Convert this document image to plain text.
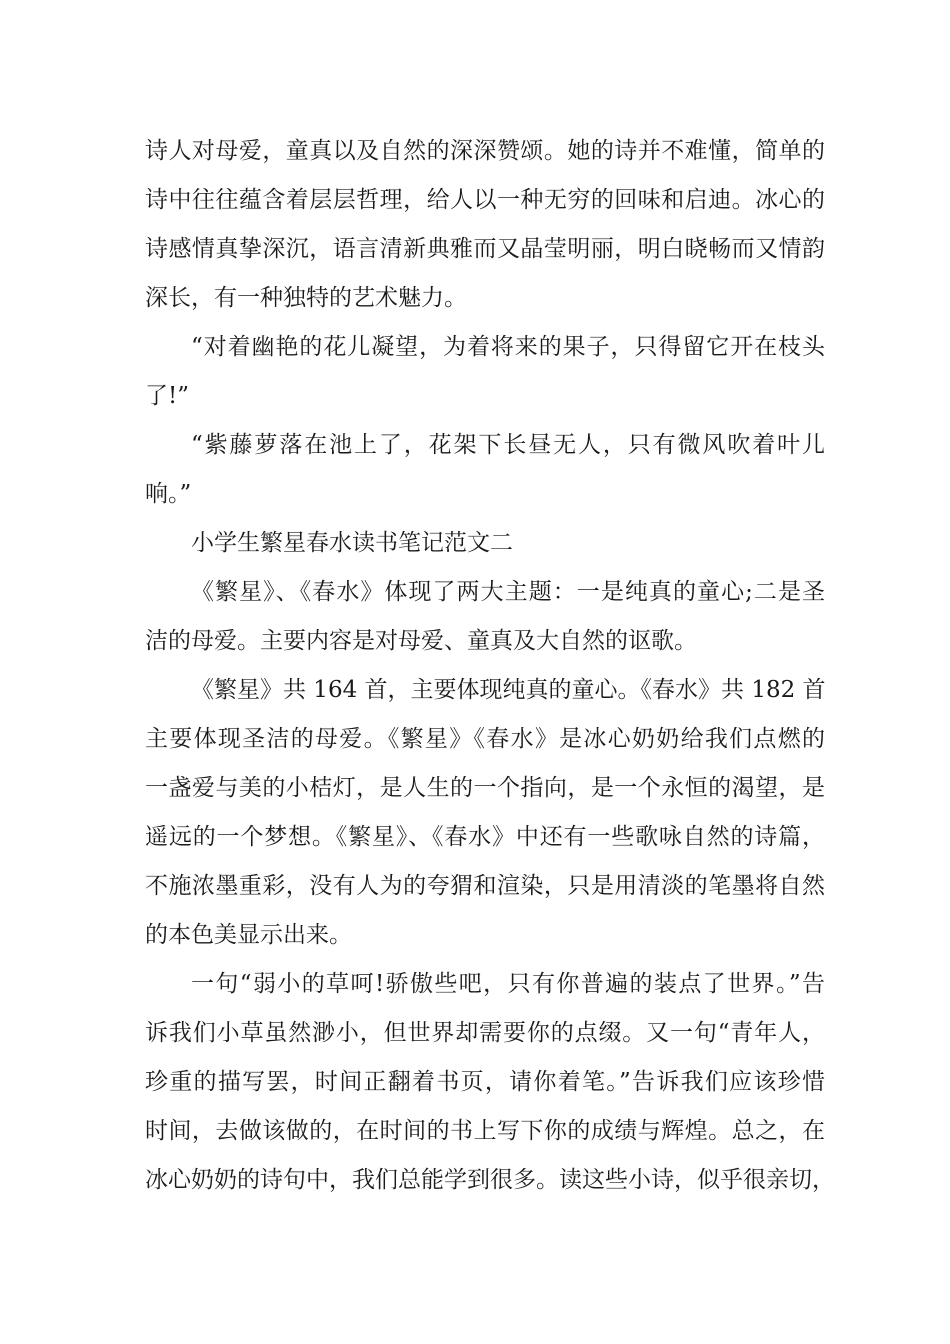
诗人对母爱，童真以及自然的深深赞颂。她的诗并不难懂，简单的
诗中往往蕴含着层层哲理，给人以一种无穷的回味和启迪。冰心的
诗感情真挚深沉，语言清新典雅而又晶莹明丽，明白晓畅而又情韵
深长，有一种独特的艺术魅力。
“对着幽艳的花儿凝望，为着将来的果子，只得留它开在枝头
了!”
“紫藤萝落在池上了，花架下长昼无人，只有微风吹着叶儿
响。”
小学生繁星春水读书笔记范文二
《繁星》、《春水》体现了两大主题：一是纯真的童心;二是圣
洁的母爱。主要内容是对母爱、童真及大自然的讴歌。
《繁星》共 164 首，主要体现纯真的童心。《春水》共 182 首
主要体现圣洁的母爱。《繁星》《春水》是冰心奶奶给我们点燃的
一盏爱与美的小桔灯，是人生的一个指向，是一个永恒的渴望，是
遥远的一个梦想。《繁星》、《春水》中还有一些歌咏自然的诗篇，
不施浓墨重彩，没有人为的夸猬和渲染，只是用清淡的笔墨将自然
的本色美显示出来。
一句“弱小的草呵!骄傲些吧，只有你普遍的装点了世界。”告
诉我们小草虽然渺小，但世界却需要你的点缀。又一句“青年人，
珍重的描写罢，时间正翻着书页，请你着笔。”告诉我们应该珍惜
时间，去做该做的，在时间的书上写下你的成绩与辉煌。总之，在
冰心奶奶的诗句中，我们总能学到很多。读这些小诗，似乎很亲切，
